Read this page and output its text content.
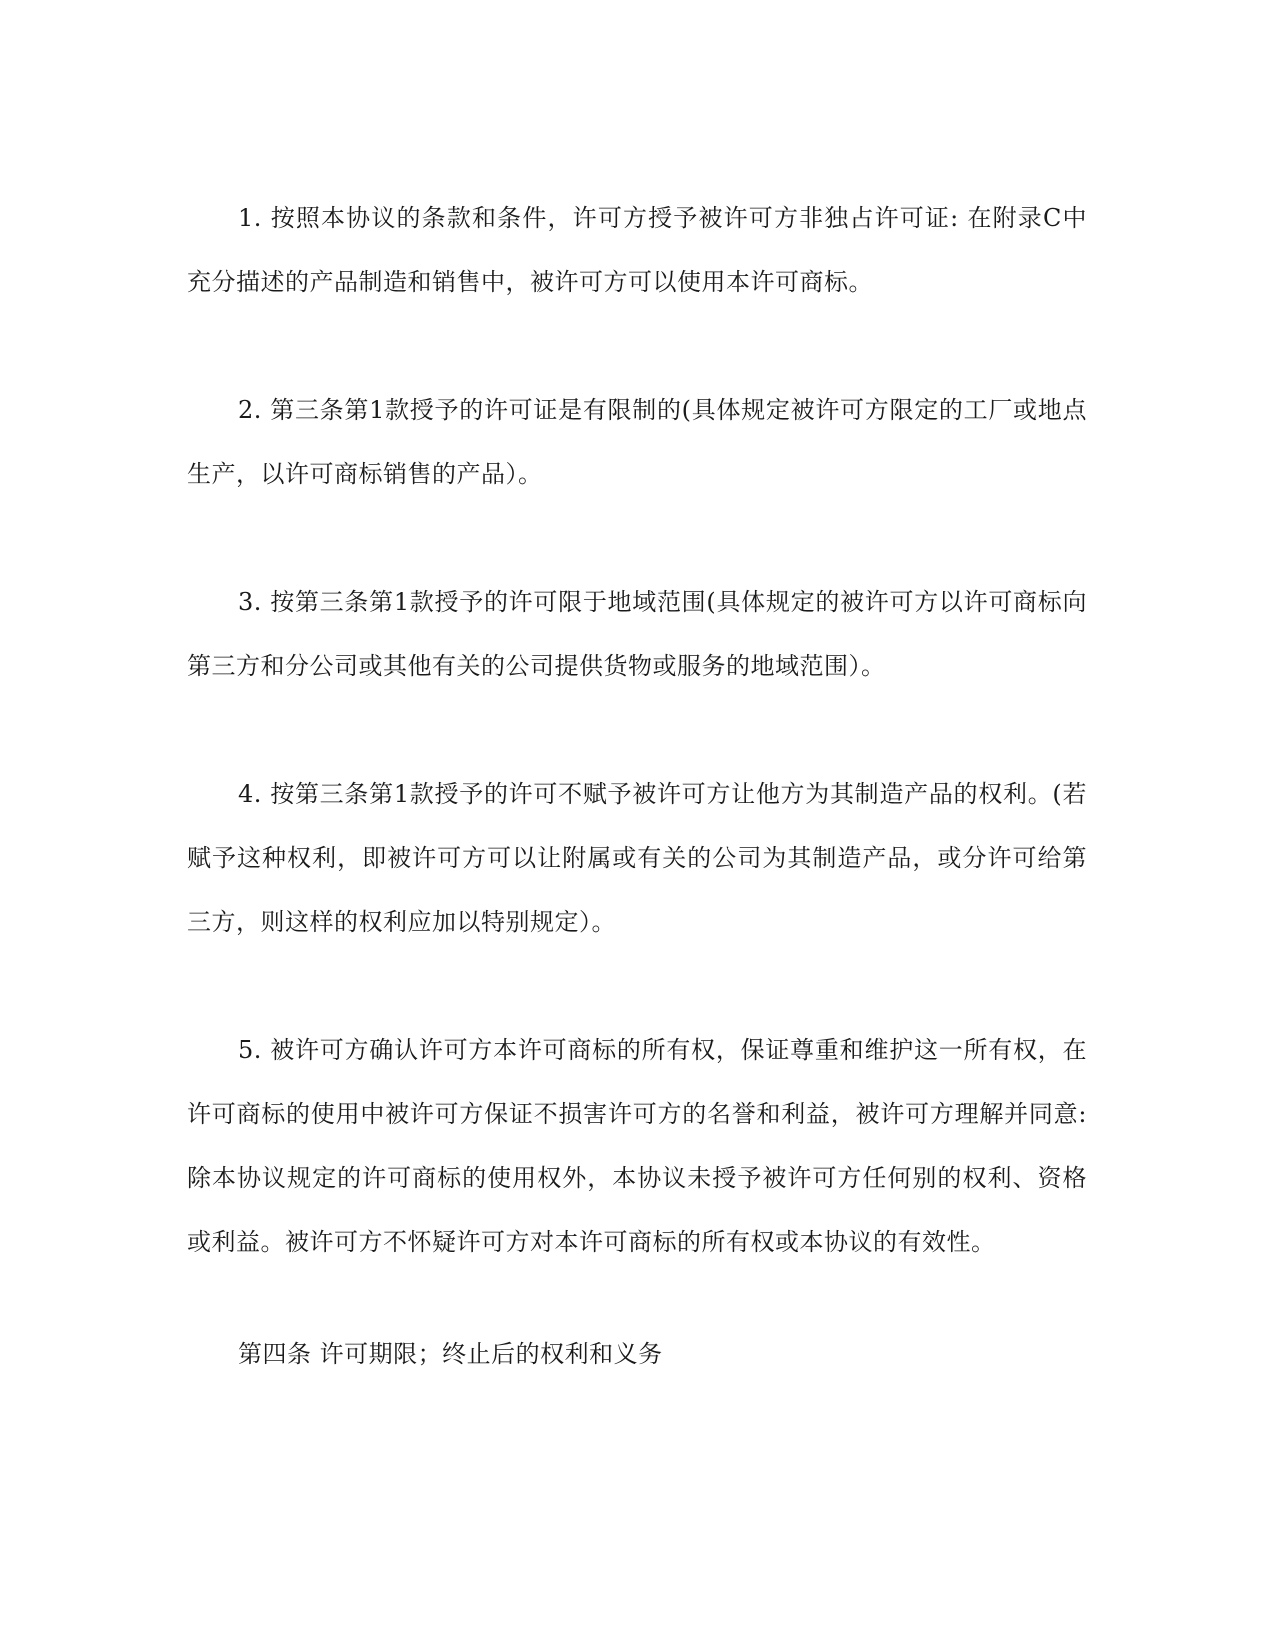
1. 按照本协议的条款和条件，许可方授予被许可方非独占许可证: 在附录C中充分描述的产品制造和销售中，被许可方可以使用本许可商标。

2. 第三条第1款授予的许可证是有限制的(具体规定被许可方限定的工厂或地点生产，以许可商标销售的产品）。

3. 按第三条第1款授予的许可限于地域范围(具体规定的被许可方以许可商标向第三方和分公司或其他有关的公司提供货物或服务的地域范围）。

4. 按第三条第1款授予的许可不赋予被许可方让他方为其制造产品的权利。(若赋予这种权利，即被许可方可以让附属或有关的公司为其制造产品，或分许可给第三方，则这样的权利应加以特别规定）。

5. 被许可方确认许可方本许可商标的所有权，保证尊重和维护这一所有权，在许可商标的使用中被许可方保证不损害许可方的名誉和利益，被许可方理解并同意: 除本协议规定的许可商标的使用权外，本协议未授予被许可方任何别的权利、资格或利益。被许可方不怀疑许可方对本许可商标的所有权或本协议的有效性。

第四条 许可期限；终止后的权利和义务
